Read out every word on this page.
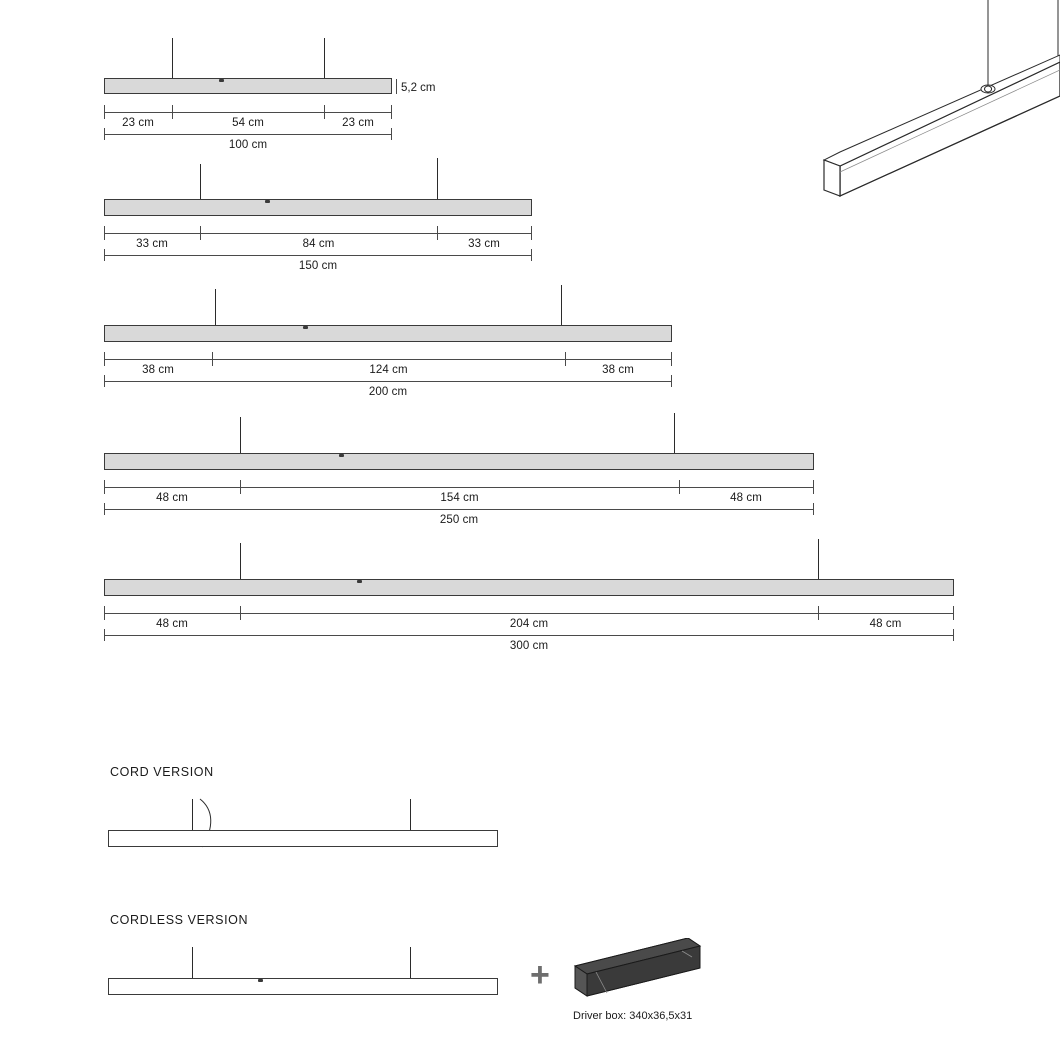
5,2 cm
23 cm	54 cm	23 cm
100 cm
33 cm	84 cm	33 cm
150 cm
38 cm	124 cm	38 cm
200 cm
48 cm	154 cm	48 cm
250 cm
48 cm	204 cm	48 cm
300 cm
CORD VERSION
CORDLESS VERSION
+
Driver box: 340x36,5x31
